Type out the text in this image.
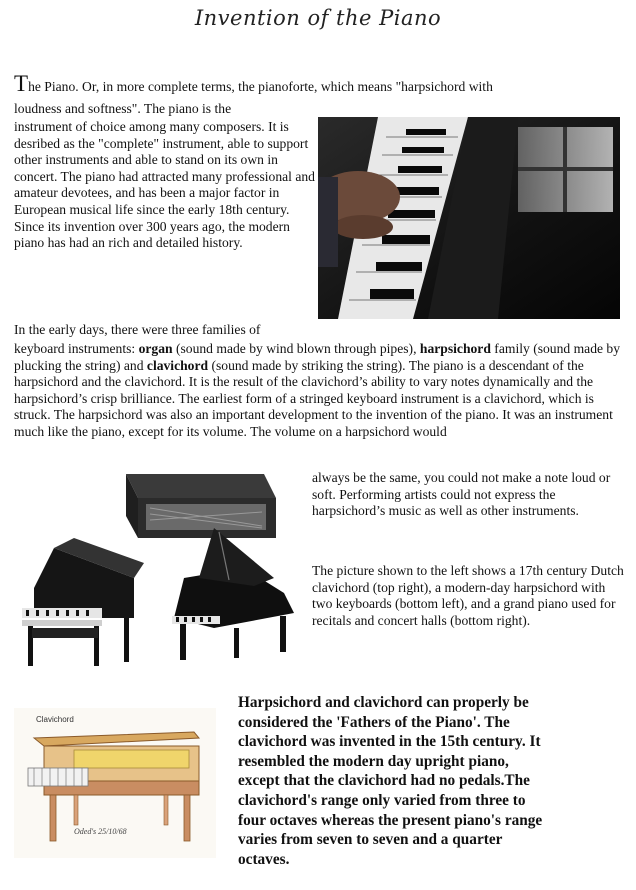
Invention of the Piano
The Piano. Or, in more complete terms, the pianoforte, which means "harpsichord with
loudness and softness". The piano is the
instrument of choice among many composers. It is desribed as the "complete" instrument, able to support other instruments and able to stand on its own in concert. The piano had attracted many professional and amateur devotees, and has been a major factor in European musical life since the early 18th century. Since its invention over 300 years ago, the modern piano has had an rich and detailed history.
In the early days, there were three families of
keyboard instruments: organ (sound made by wind blown through pipes), harpsichord family (sound made by plucking the string) and clavichord (sound made by striking the string). The piano is a descendant of the harpsichord and the clavichord. It is the result of the clavichord’s ability to vary notes dynamically and the harpsichord’s crisp brilliance. The earliest form of a stringed keyboard instrument is a clavichord, which is struck. The harpsichord was also an important development to the invention of the piano. It was an instrument much like the piano, except for its volume. The volume on a harpsichord would
always be the same, you could not make a note loud or soft. Performing artists could not express the harpsichord’s music as well as other instruments.
The picture shown to the left shows a 17th century Dutch clavichord (top right), a modern-day harpsichord with two keyboards (bottom left), and a grand piano used for recitals and concert halls (bottom right).
Clavichord
Oded's 25/10/68
Harpsichord and clavichord can properly be considered the 'Fathers of the Piano'. The clavichord was invented in the 15th century. It resembled the modern day upright piano, except that the clavichord had no pedals.The clavichord's range only varied from three to four octaves whereas the present piano's range varies from seven to seven and a quarter octaves.
